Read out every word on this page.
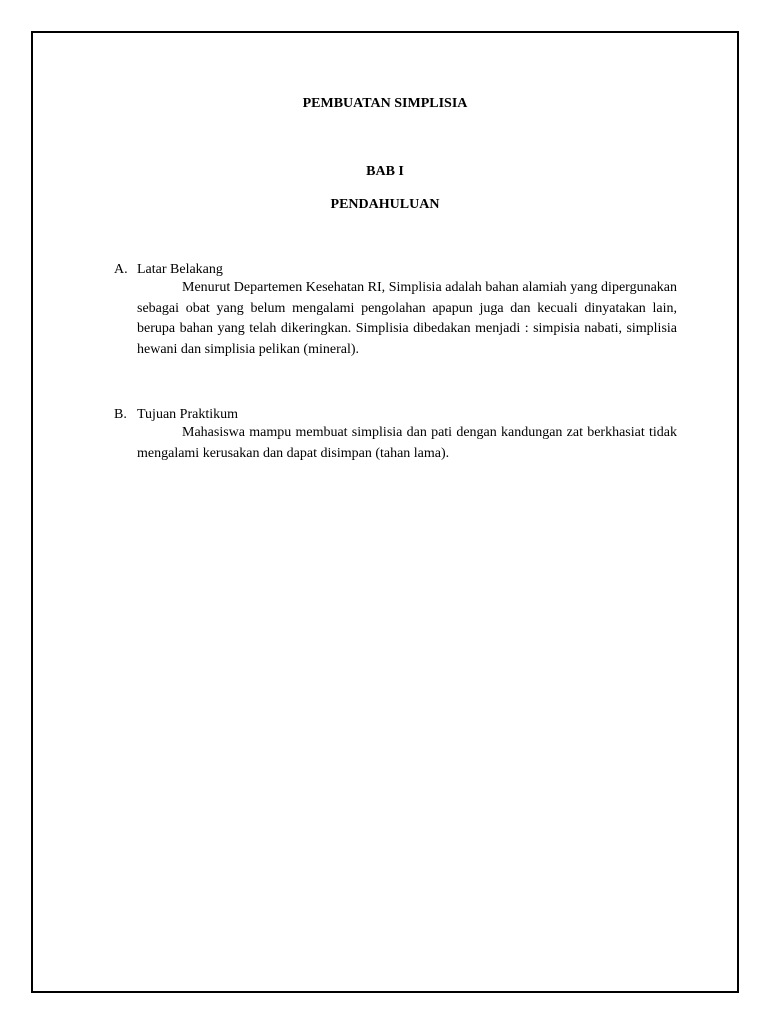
PEMBUATAN SIMPLISIA
BAB I
PENDAHULUAN
A. Latar Belakang

Menurut Departemen Kesehatan RI, Simplisia adalah bahan alamiah yang dipergunakan sebagai obat yang belum mengalami pengolahan apapun juga dan kecuali dinyatakan lain, berupa bahan yang telah dikeringkan. Simplisia dibedakan menjadi : simpisia nabati, simplisia hewani dan simplisia pelikan (mineral).

B. Tujuan Praktikum

Mahasiswa mampu membuat simplisia dan pati dengan kandungan zat berkhasiat tidak mengalami kerusakan dan dapat disimpan (tahan lama).
